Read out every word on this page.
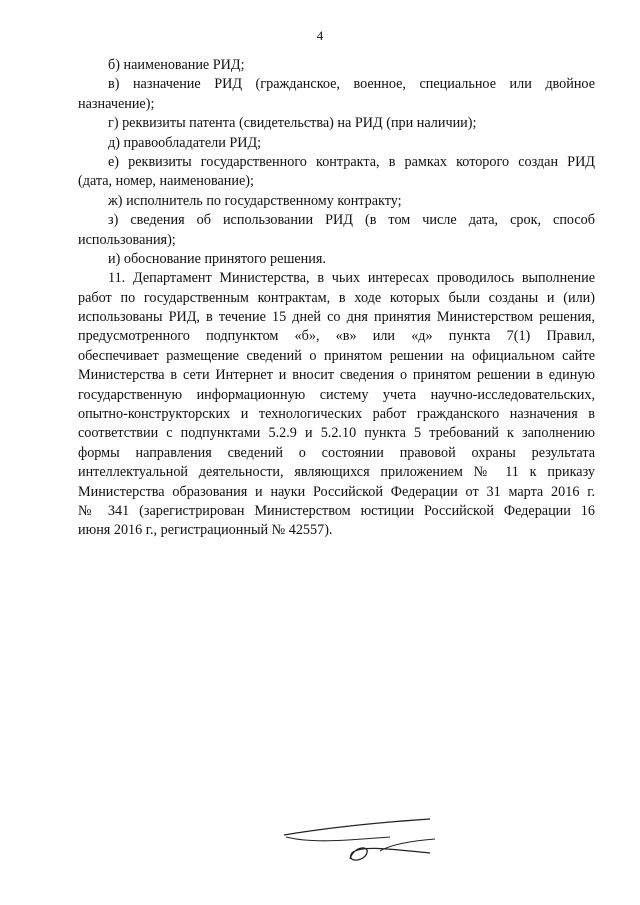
4
б) наименование РИД;
в) назначение РИД (гражданское, военное, специальное или двойное
назначение);
г) реквизиты патента (свидетельства) на РИД (при наличии);
д) правообладатели РИД;
е) реквизиты государственного контракта, в рамках которого создан РИД
(дата, номер, наименование);
ж) исполнитель по государственному контракту;
з) сведения об использовании РИД (в том числе дата, срок, способ
использования);
и) обоснование принятого решения.
11. Департамент Министерства, в чьих интересах проводилось выполнение
работ по государственным контрактам, в ходе которых были созданы и (или)
использованы РИД, в течение 15 дней со дня принятия Министерством решения,
предусмотренного подпунктом «б», «в» или «д» пункта 7(1) Правил,
обеспечивает размещение сведений о принятом решении на официальном сайте
Министерства в сети Интернет и вносит сведения о принятом решении в единую
государственную информационную систему учета научно-исследовательских,
опытно-конструкторских и технологических работ гражданского назначения в
соответствии с подпунктами 5.2.9 и 5.2.10 пункта 5 требований к заполнению
формы направления сведений о состоянии правовой охраны результата
интеллектуальной деятельности, являющихся приложением № 11 к приказу
Министерства образования и науки Российской Федерации от 31 марта 2016 г.
№ 341 (зарегистрирован Министерством юстиции Российской Федерации 16
июня 2016 г., регистрационный № 42557).
